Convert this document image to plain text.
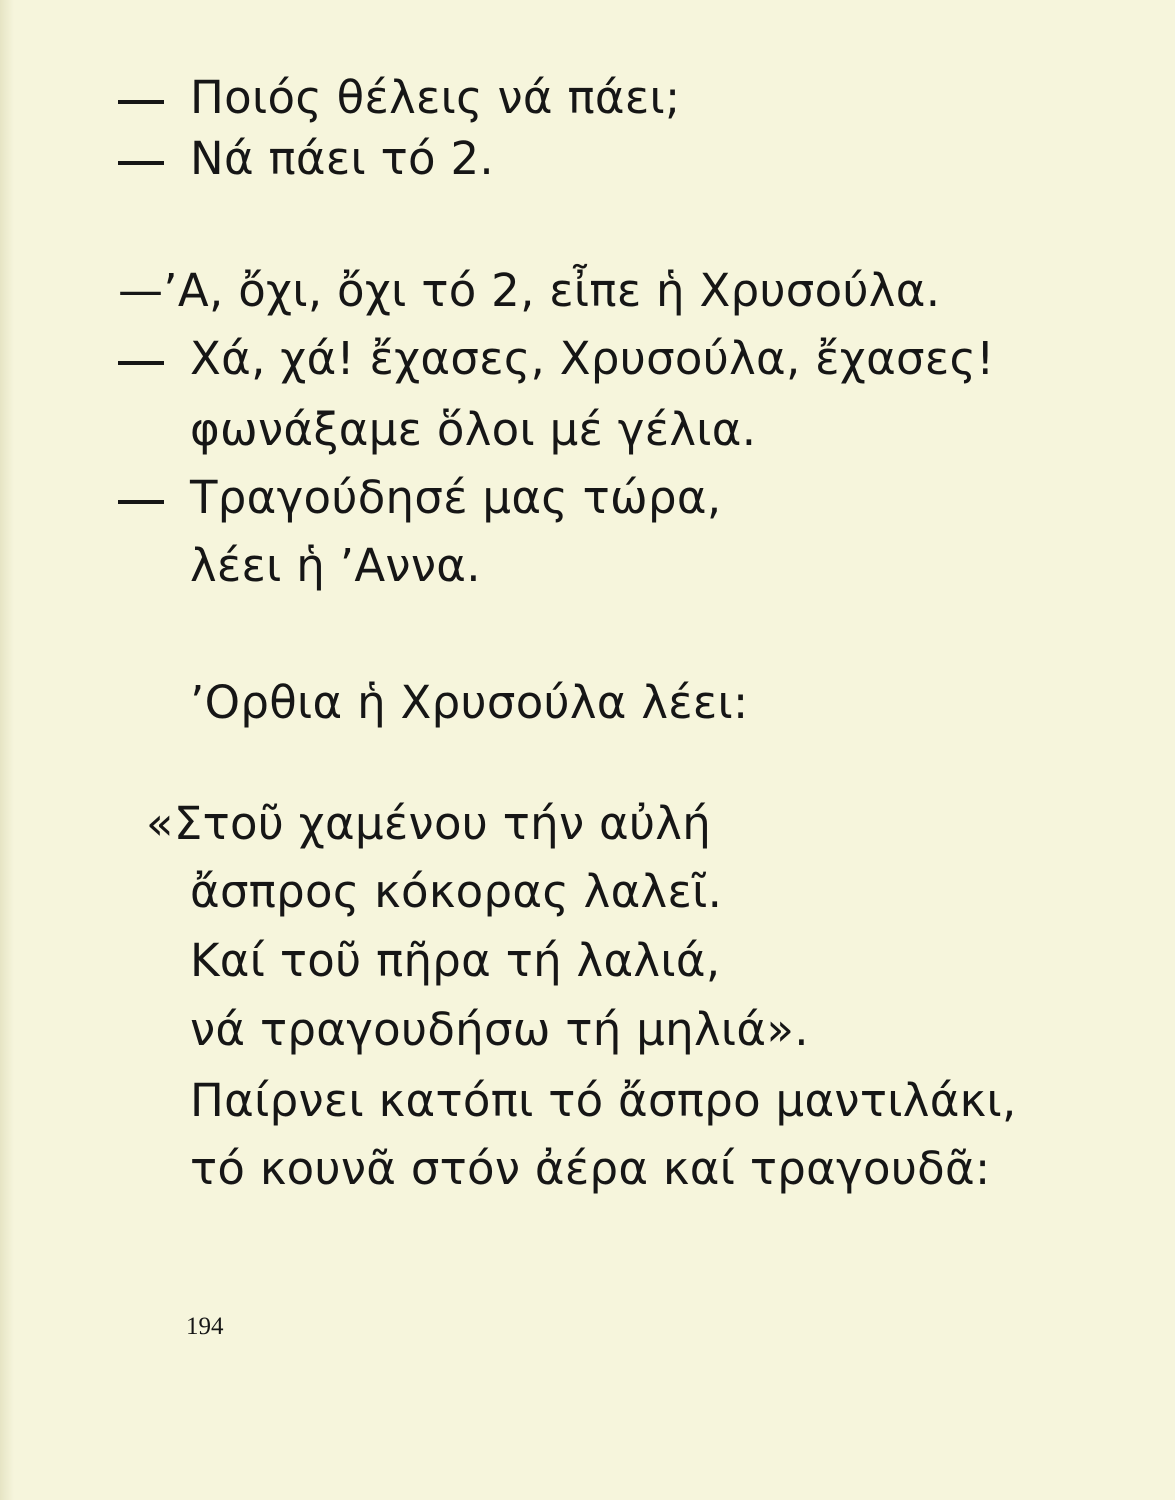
Ποιός θέλεις νά πάει;
Νά πάει τό 2.
—ʼΑ, ὄχι, ὄχι τό 2, εἶπε ἡ Χρυσούλα.
Χά, χά! ἔχασες, Χρυσούλα, ἔχασες!
φωνάξαμε ὅλοι μέ γέλια.
Τραγούδησέ μας τώρα,
λέει ἡ ʼΑννα.
ʼΟρθια ἡ Χρυσούλα λέει:
«Στοῦ χαμένου τήν αὐλή
ἄσπρος κόκορας λαλεῖ.
Καί τοῦ πῆρα τή λαλιά,
νά τραγουδήσω τή μηλιά».
Παίρνει κατόπι τό ἄσπρο μαντιλάκι,
τό κουνᾶ στόν ἀέρα καί τραγουδᾶ:
194
